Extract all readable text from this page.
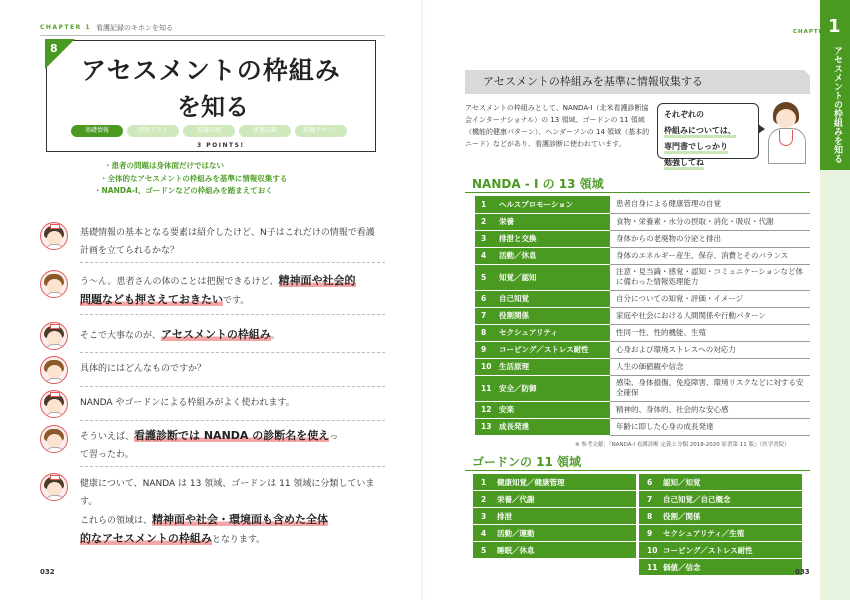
CHAPTER 1 看護記録のキホンを知る
8
アセスメントの枠組み
を知る
基礎情報	問題リスト	看護計画	経過記録	看護サマリー
3 POINTS!
・ 患者の問題は身体面だけではない
・ 全体的なアセスメントの枠組みを基準に情報収集する
・ NANDA-I、ゴードンなどの枠組みを踏まえておく
基礎情報の基本となる要素は紹介したけど、N子はこれだけの情報で看護
計画を立てられるかな？
う〜ん。患者さんの体のことは把握できるけど、精神面や社会的
問題なども押さえておきたいです。
そこで大事なのが、アセスメントの枠組み。
具体的にはどんなものですか？
NANDA やゴードンによる枠組みがよく使われます。
そういえば、看護診断では NANDA の診断名を使えっ
て習ったわ。
健康について、NANDA は 13 領域、ゴードンは 11 領域に分類しています。
これらの領域は、精神面や社会・環境面も含めた全体
的なアセスメントの枠組みとなります。
032
アセスメントの枠組みを基準に情報収集する
アセスメントの枠組みとして、NANDA-I（北米看護診断協会インターナショナル）の 13 領域、ゴードンの 11 領域（機能的健康パターン）、ヘンダーソンの 14 領域（基本的ニード）などがあり、看護診断に使われています。
それぞれの
枠組みについては、
専門書でしっかり
勉強してね
NANDA - I の 13 領域
1	ヘルスプロモーション	患者自身による健康管理の自覚
2	栄養	食物・栄養素・水分の摂取・消化・吸収・代謝
3	排泄と交換	身体からの老廃物の分泌と排出
4	活動／休息	身体のエネルギー産生、保存、消費とそのバランス
5	知覚／認知	注意・見当識・感覚・認知・コミュニケーションなど体に備わった情報処理能力
6	自己知覚	自分についての知覚・評価・イメージ
7	役割関係	家庭や社会における人間関係や行動パターン
8	セクシュアリティ	性同一性、性的機能、生殖
9	コーピング／ストレス耐性	心身および環境ストレスへの対応力
10	生活原理	人生の価値観や信念
11	安全／防御	感染、身体損傷、免疫障害、環境リスクなどに対する安全確保
12	安楽	精神的、身体的、社会的な安心感
13	成長発達	年齢に即した心身の成長発達
※ 参考文献：『NANDA-I 看護診断 定義と分類 2018-2020 原書第 11 版』（医学書院）
ゴードンの 11 領域
1	健康知覚／健康管理
2	栄養／代謝
3	排泄
4	活動／運動
5	睡眠／休息
6	認知／知覚
7	自己知覚／自己概念
8	役割／関係
9	セクシュアリティ／生殖
10 コーピング／ストレス耐性
11 価値／信念
033
CHAPTER 1
アセスメントの枠組みを知る
